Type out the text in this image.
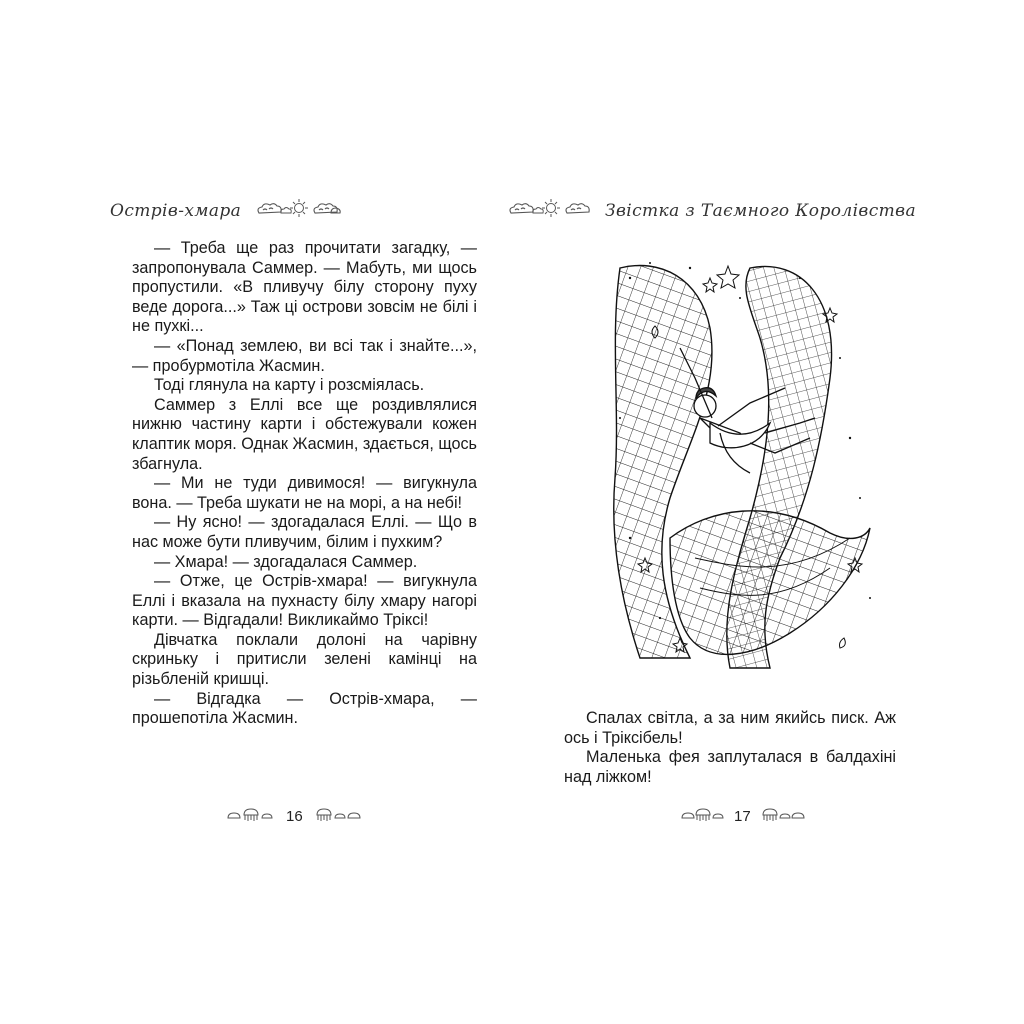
Острів-хмара

— Треба ще раз прочитати загадку, — запропонувала Саммер. — Мабуть, ми щось пропустили. «В пливучу білу сторону пуху веде дорога...» Таж ці острови зовсім не білі і не пухкі...

— «Понад землею, ви всі так і знайте...», — пробурмотіла Жасмин.

Тоді глянула на карту і розсміялась.

Саммер з Еллі все ще роздивлялися нижню частину карти і обстежували кожен клаптик моря. Однак Жасмин, здається, щось збагнула.

— Ми не туди дивимося! — вигукнула вона. — Треба шукати не на морі, а на небі!

— Ну ясно! — здогадалася Еллі. — Що в нас може бути пливучим, білим і пухким?

— Хмара! — здогадалася Саммер.

— Отже, це Острів-хмара! — вигукнула Еллі і вказала на пухнасту білу хмару нагорі карти. — Відгадали! Викликаймо Тріксі!

Дівчатка поклали долоні на чарівну скриньку і притисли зелені камінці на різьбленій кришці.

— Відгадка — Острів-хмара, — прошепотіла Жасмин.

16
Звістка з Таємного Королівства

Спалах світла, а за ним якийсь писк. Аж ось і Тріксібель!

Маленька фея заплуталася в балдахіні над ліжком!

17
